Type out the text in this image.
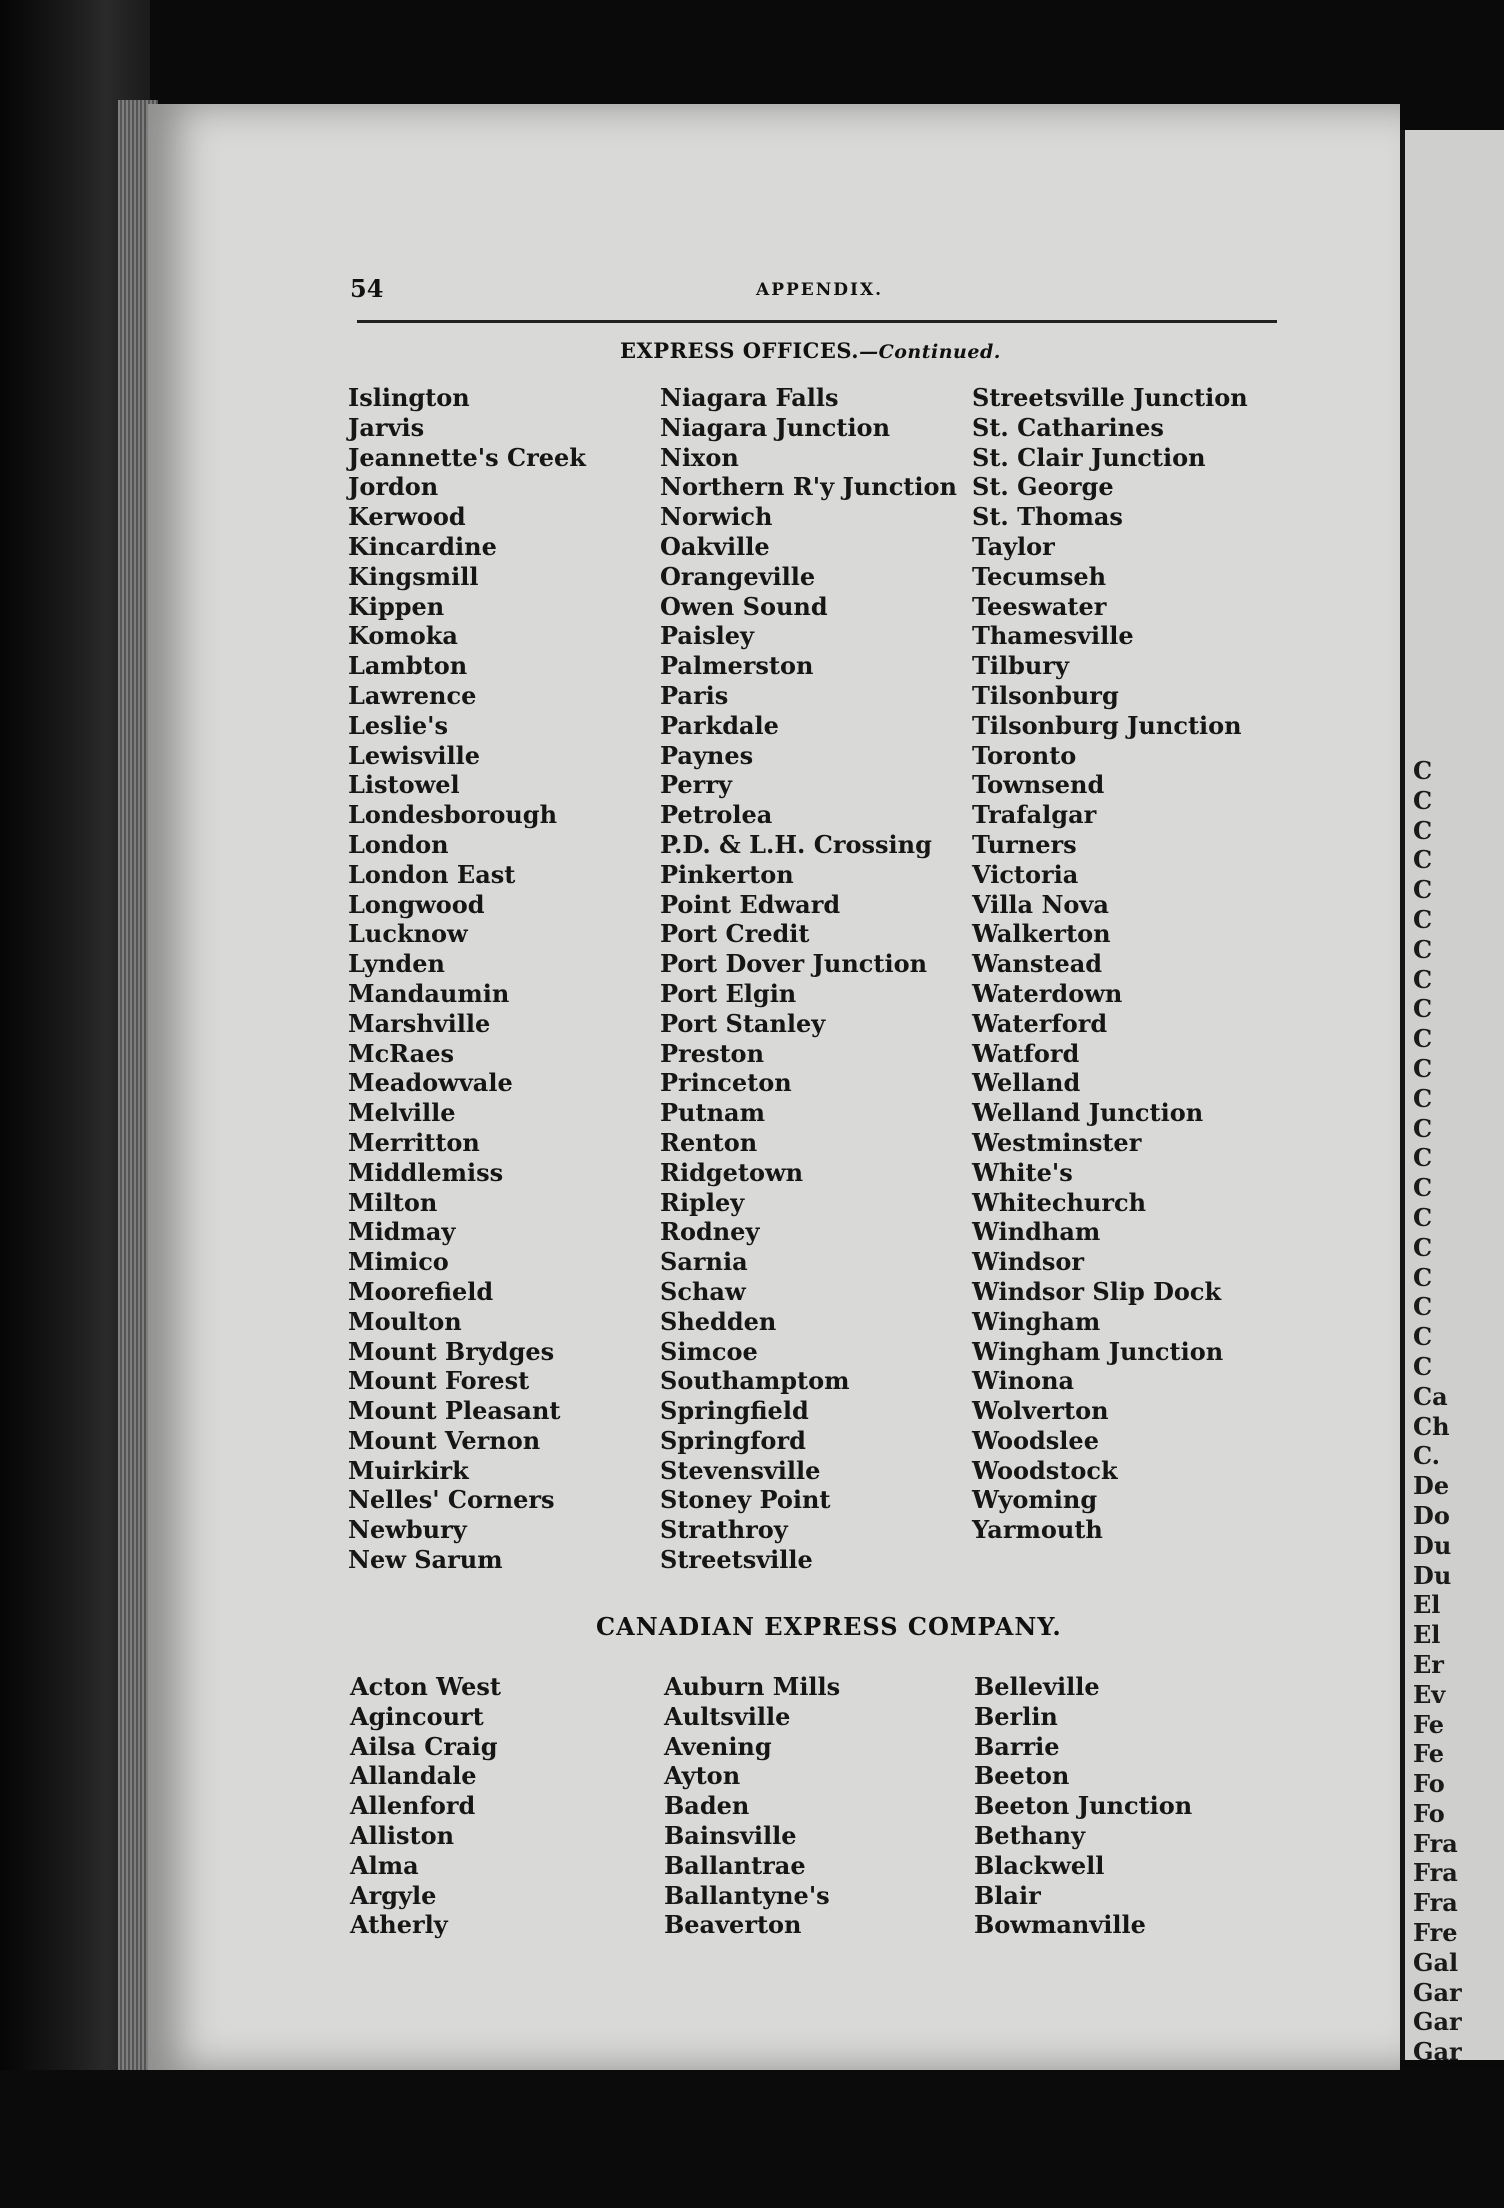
C
C
C
C
C
C
C
C
C
C
C
C
C
C
C
C
C
C
C
C
C
Ca
Ch
C.
De
Do
Du
Du
El
El
Er
Ev
Fe
Fe
Fo
Fo
Fra
Fra
Fra
Fre
Gal
Gar
Gar
Gar
54	APPENDIX.
EXPRESS OFFICES.—Continued.
Islington
Jarvis
Jeannette's Creek
Jordon
Kerwood
Kincardine
Kingsmill
Kippen
Komoka
Lambton
Lawrence
Leslie's
Lewisville
Listowel
Londesborough
London
London East
Longwood
Lucknow
Lynden
Mandaumin
Marshville
McRaes
Meadowvale
Melville
Merritton
Middlemiss
Milton
Midmay
Mimico
Moorefield
Moulton
Mount Brydges
Mount Forest
Mount Pleasant
Mount Vernon
Muirkirk
Nelles' Corners
Newbury
New Sarum
Niagara Falls
Niagara Junction
Nixon
Northern R'y Junction
Norwich
Oakville
Orangeville
Owen Sound
Paisley
Palmerston
Paris
Parkdale
Paynes
Perry
Petrolea
P.D. & L.H. Crossing
Pinkerton
Point Edward
Port Credit
Port Dover Junction
Port Elgin
Port Stanley
Preston
Princeton
Putnam
Renton
Ridgetown
Ripley
Rodney
Sarnia
Schaw
Shedden
Simcoe
Southamptom
Springfield
Springford
Stevensville
Stoney Point
Strathroy
Streetsville
Streetsville Junction
St. Catharines
St. Clair Junction
St. George
St. Thomas
Taylor
Tecumseh
Teeswater
Thamesville
Tilbury
Tilsonburg
Tilsonburg Junction
Toronto
Townsend
Trafalgar
Turners
Victoria
Villa Nova
Walkerton
Wanstead
Waterdown
Waterford
Watford
Welland
Welland Junction
Westminster
White's
Whitechurch
Windham
Windsor
Windsor Slip Dock
Wingham
Wingham Junction
Winona
Wolverton
Woodslee
Woodstock
Wyoming
Yarmouth
CANADIAN EXPRESS COMPANY.
Acton West
Agincourt
Ailsa Craig
Allandale
Allenford
Alliston
Alma
Argyle
Atherly
Auburn Mills
Aultsville
Avening
Ayton
Baden
Bainsville
Ballantrae
Ballantyne's
Beaverton
Belleville
Berlin
Barrie
Beeton
Beeton Junction
Bethany
Blackwell
Blair
Bowmanville
